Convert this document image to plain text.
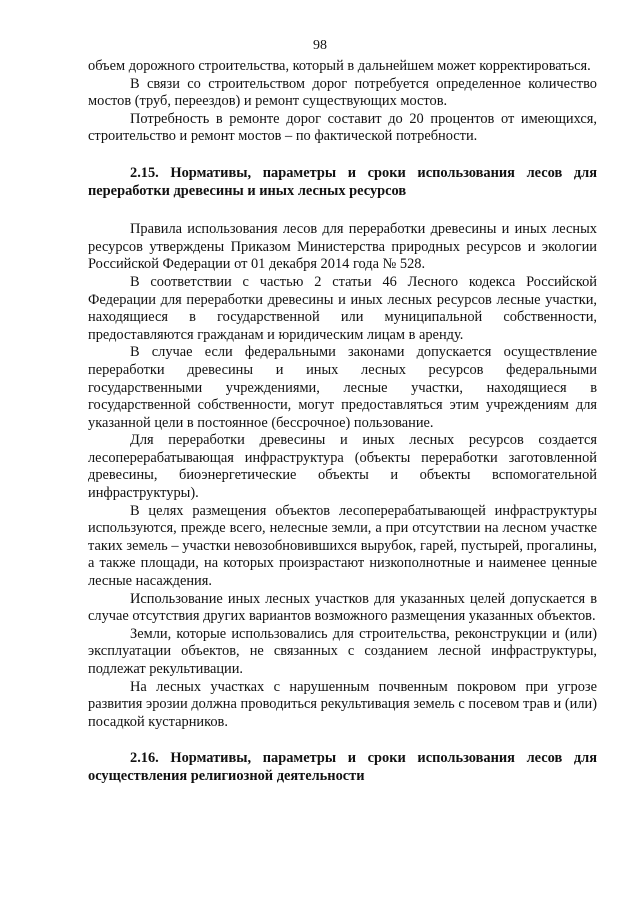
98

объем дорожного строительства, который в дальнейшем может корректироваться.

В связи со строительством дорог потребуется определенное количество мостов (труб, переездов) и ремонт существующих мостов.

Потребность в ремонте дорог составит до 20 процентов от имеющихся, строительство и ремонт мостов – по фактической потребности.

2.15. Нормативы, параметры и сроки использования лесов для переработки древесины и иных лесных ресурсов

Правила использования лесов для переработки древесины и иных лесных ресурсов утверждены Приказом Министерства природных ресурсов и экологии Российской Федерации от 01 декабря 2014 года № 528.

В соответствии с частью 2 статьи 46 Лесного кодекса Российской Федерации для переработки древесины и иных лесных ресурсов лесные участки, находящиеся в государственной или муниципальной собственности, предоставляются гражданам и юридическим лицам в аренду.

В случае если федеральными законами допускается осуществление переработки древесины и иных лесных ресурсов федеральными государственными учреждениями, лесные участки, находящиеся в государственной собственности, могут предоставляться этим учреждениям для указанной цели в постоянное (бессрочное) пользование.

Для переработки древесины и иных лесных ресурсов создается лесоперерабатывающая инфраструктура (объекты переработки заготовленной древесины, биоэнергетические объекты и объекты вспомогательной инфраструктуры).

В целях размещения объектов лесоперерабатывающей инфраструктуры используются, прежде всего, нелесные земли, а при отсутствии на лесном участке таких земель – участки невозобновившихся вырубок, гарей, пустырей, прогалины, а также площади, на которых произрастают низкополнотные и наименее ценные лесные насаждения.

Использование иных лесных участков для указанных целей допускается в случае отсутствия других вариантов возможного размещения указанных объектов.

Земли, которые использовались для строительства, реконструкции и (или) эксплуатации объектов, не связанных с созданием лесной инфраструктуры, подлежат рекультивации.

На лесных участках с нарушенным почвенным покровом при угрозе развития эрозии должна проводиться рекультивация земель с посевом трав и (или) посадкой кустарников.

2.16. Нормативы, параметры и сроки использования лесов для осуществления религиозной деятельности
